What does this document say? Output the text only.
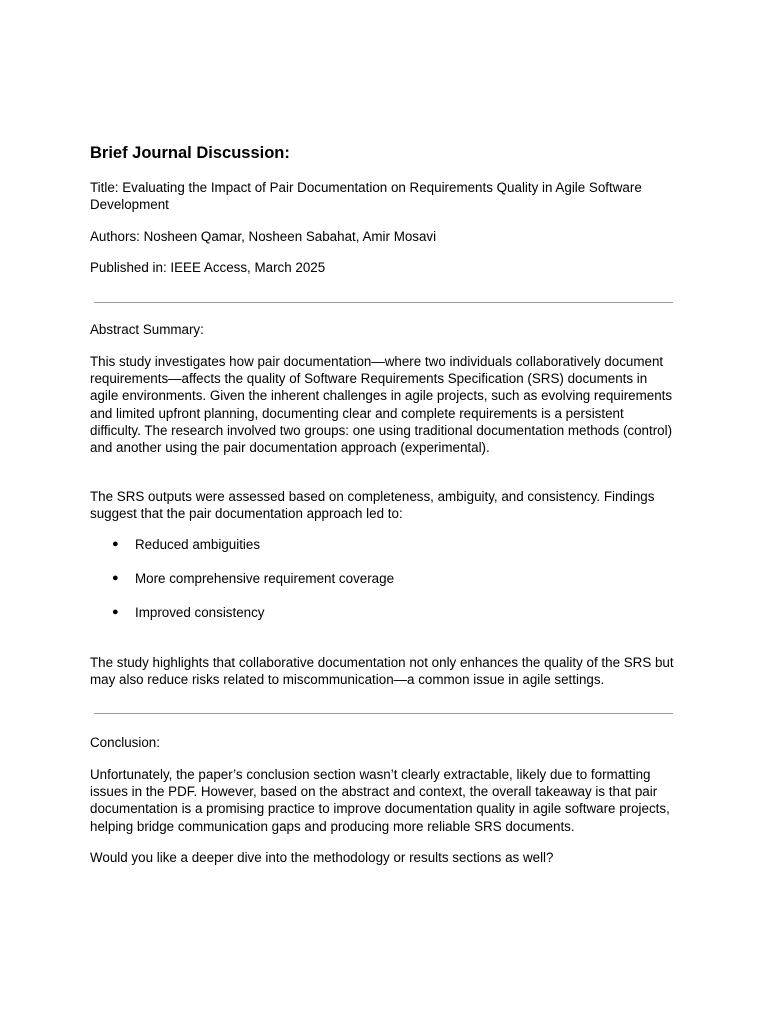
Brief Journal Discussion:

Title: Evaluating the Impact of Pair Documentation on Requirements Quality in Agile Software Development

Authors: Nosheen Qamar, Nosheen Sabahat, Amir Mosavi

Published in: IEEE Access, March 2025

Abstract Summary:

This study investigates how pair documentation—where two individuals collaboratively document requirements—affects the quality of Software Requirements Specification (SRS) documents in agile environments. Given the inherent challenges in agile projects, such as evolving requirements and limited upfront planning, documenting clear and complete requirements is a persistent difficulty. The research involved two groups: one using traditional documentation methods (control) and another using the pair documentation approach (experimental).

The SRS outputs were assessed based on completeness, ambiguity, and consistency. Findings suggest that the pair documentation approach led to:

● Reduced ambiguities
● More comprehensive requirement coverage
● Improved consistency

The study highlights that collaborative documentation not only enhances the quality of the SRS but may also reduce risks related to miscommunication—a common issue in agile settings.

Conclusion:

Unfortunately, the paper’s conclusion section wasn’t clearly extractable, likely due to formatting issues in the PDF. However, based on the abstract and context, the overall takeaway is that pair documentation is a promising practice to improve documentation quality in agile software projects, helping bridge communication gaps and producing more reliable SRS documents.

Would you like a deeper dive into the methodology or results sections as well?
